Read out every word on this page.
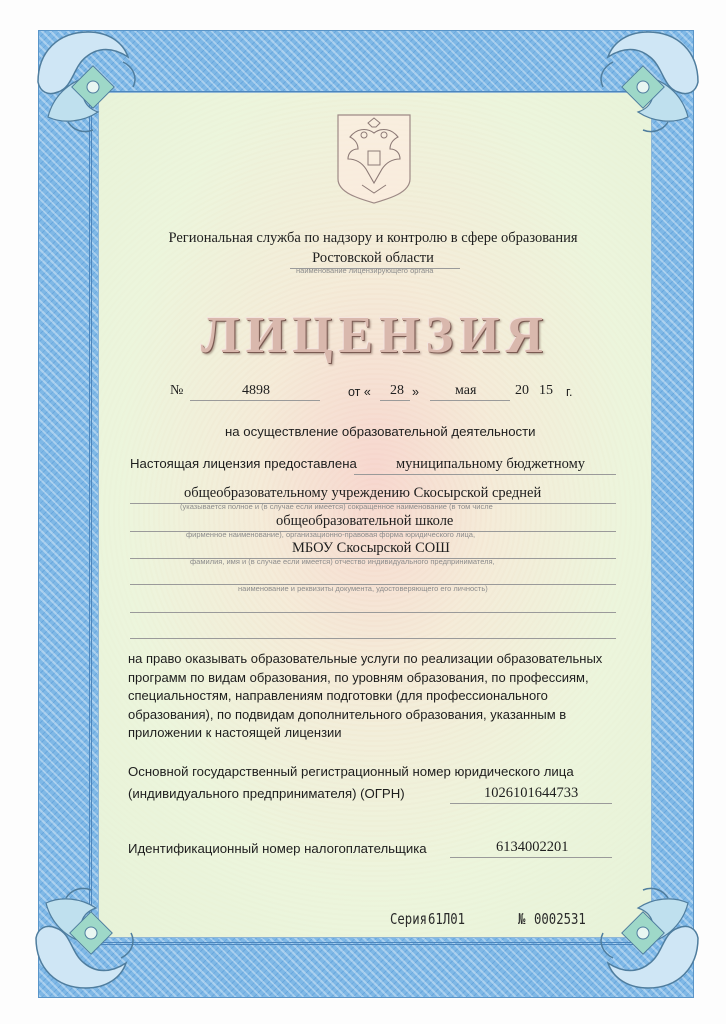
Региональная служба по надзору и контролю в сфере образования
Ростовской области
наименование лицензирующего органа
ЛИЦЕНЗИЯ
№	4898	от « 28 »	мая	20 15 г.
на осуществление образовательной деятельности
Настоящая лицензия предоставлена	муниципальному бюджетному
общеобразовательному учреждению Скосырской средней
(указывается полное и (в случае если имеется) сокращенное наименование (в том числе
общеобразовательной школе
фирменное наименование), организационно-правовая форма юридического лица,
МБОУ Скосырской СОШ
фамилия, имя и (в случае если имеется) отчество индивидуального предпринимателя,
наименование и реквизиты документа, удостоверяющего его личность)
на право оказывать образовательные услуги по реализации образовательных
программ по видам образования, по уровням образования, по профессиям,
специальностям, направлениям подготовки (для профессионального
образования), по подвидам дополнительного образования, указанным в
приложении к настоящей лицензии
Основной государственный регистрационный номер юридического лица
(индивидуального предпринимателя) (ОГРН)	1026101644733
Идентификационный номер налогоплательщика	6134002201
Серия 61Л01	№ 0002531
